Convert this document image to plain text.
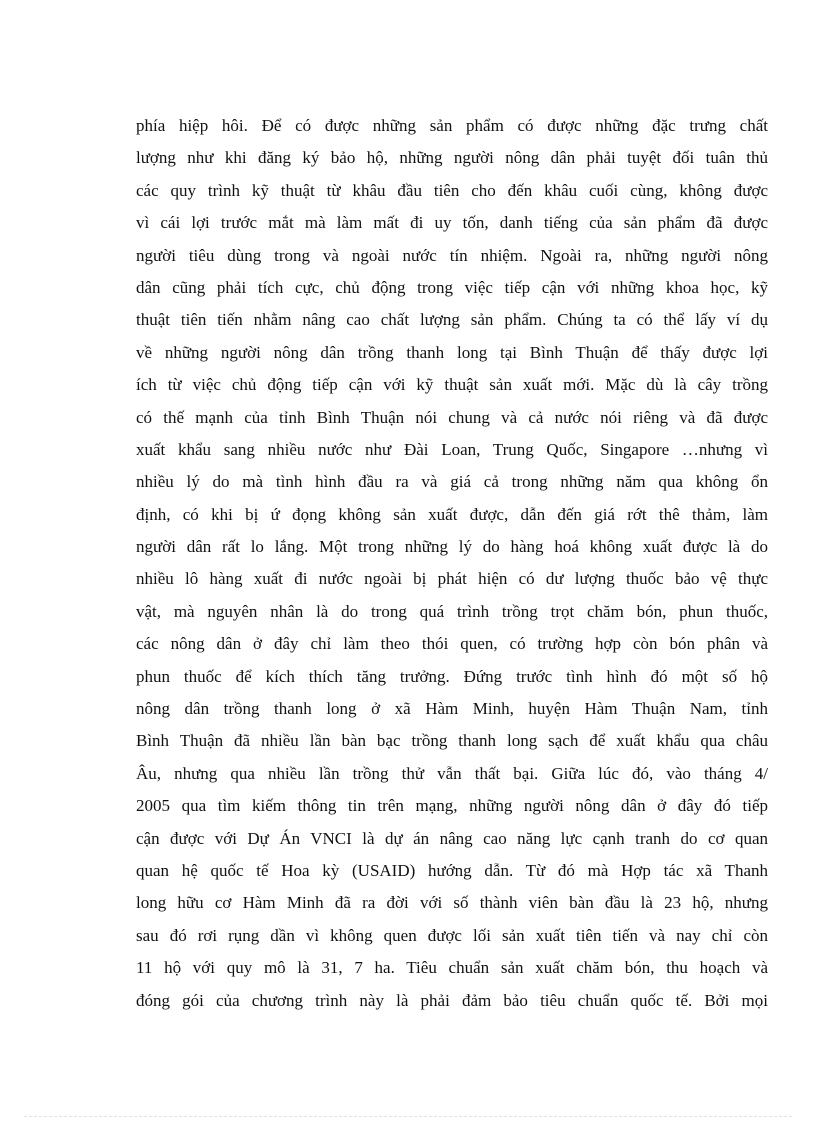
phía hiệp hôi. Để có được những sản phẩm có được những đặc trưng chất
lượng như khi đăng ký bảo hộ, những người nông dân phải tuyệt đối tuân thủ
các quy trình kỹ thuật từ khâu đầu tiên cho đến khâu cuối cùng, không được
vì cái lợi trước mắt mà làm mất đi uy tốn, danh tiếng của sản phẩm đã được
người tiêu dùng trong và ngoài nước tín nhiệm. Ngoài ra, những người nông
dân cũng phải tích cực, chủ động trong việc tiếp cận với những khoa học, kỹ
thuật tiên tiến nhằm nâng cao chất lượng sản phẩm. Chúng ta có thể lấy ví dụ
về những người nông dân trồng thanh long tại Bình Thuận để thấy được lợi
ích từ việc chủ động tiếp cận với kỹ thuật sản xuất mới. Mặc dù là cây trồng
có thế mạnh của tỉnh Bình Thuận nói chung và cả nước nói riêng và đã được
xuất khẩu sang nhiều nước như Đài Loan, Trung Quốc, Singapore …nhưng vì
nhiều lý do mà tình hình đầu ra và giá cả trong những năm qua không ổn
định, có khi bị ứ đọng không sản xuất được, dẫn đến giá rớt thê thảm, làm
người dân rất lo lắng. Một trong những lý do hàng hoá không xuất được là do
nhiều lô hàng xuất đi nước ngoài bị phát hiện có dư lượng thuốc bảo vệ thực
vật, mà nguyên nhân là do trong quá trình trồng trọt chăm bón, phun thuốc,
các nông dân ở đây chỉ làm theo thói quen, có trường hợp còn bón phân và
phun thuốc để kích thích tăng trưởng. Đứng trước tình hình đó một số hộ
nông dân trồng thanh long ở xã Hàm Minh, huyện Hàm Thuận Nam, tỉnh
Bình Thuận đã nhiều lần bàn bạc trồng thanh long sạch để xuất khẩu qua châu
Âu, nhưng qua nhiều lần trồng thử vẫn thất bại. Giữa lúc đó, vào tháng 4/
2005 qua tìm kiếm thông tin trên mạng, những người nông dân ở đây đó tiếp
cận được với Dự Án VNCI là dự án nâng cao năng lực cạnh tranh do cơ quan
quan hệ quốc tế Hoa kỳ (USAID) hướng dẫn. Từ đó mà Hợp tác xã Thanh
long hữu cơ Hàm Minh đã ra đời với số thành viên bàn đầu là 23 hộ, nhưng
sau đó rơi rụng dần vì không quen được lối sản xuất tiên tiến và nay chỉ còn
11 hộ với quy mô là 31, 7 ha. Tiêu chuẩn sản xuất chăm bón, thu hoạch và
đóng gói của chương trình này là phải đảm bảo tiêu chuẩn quốc tế. Bởi mọi
